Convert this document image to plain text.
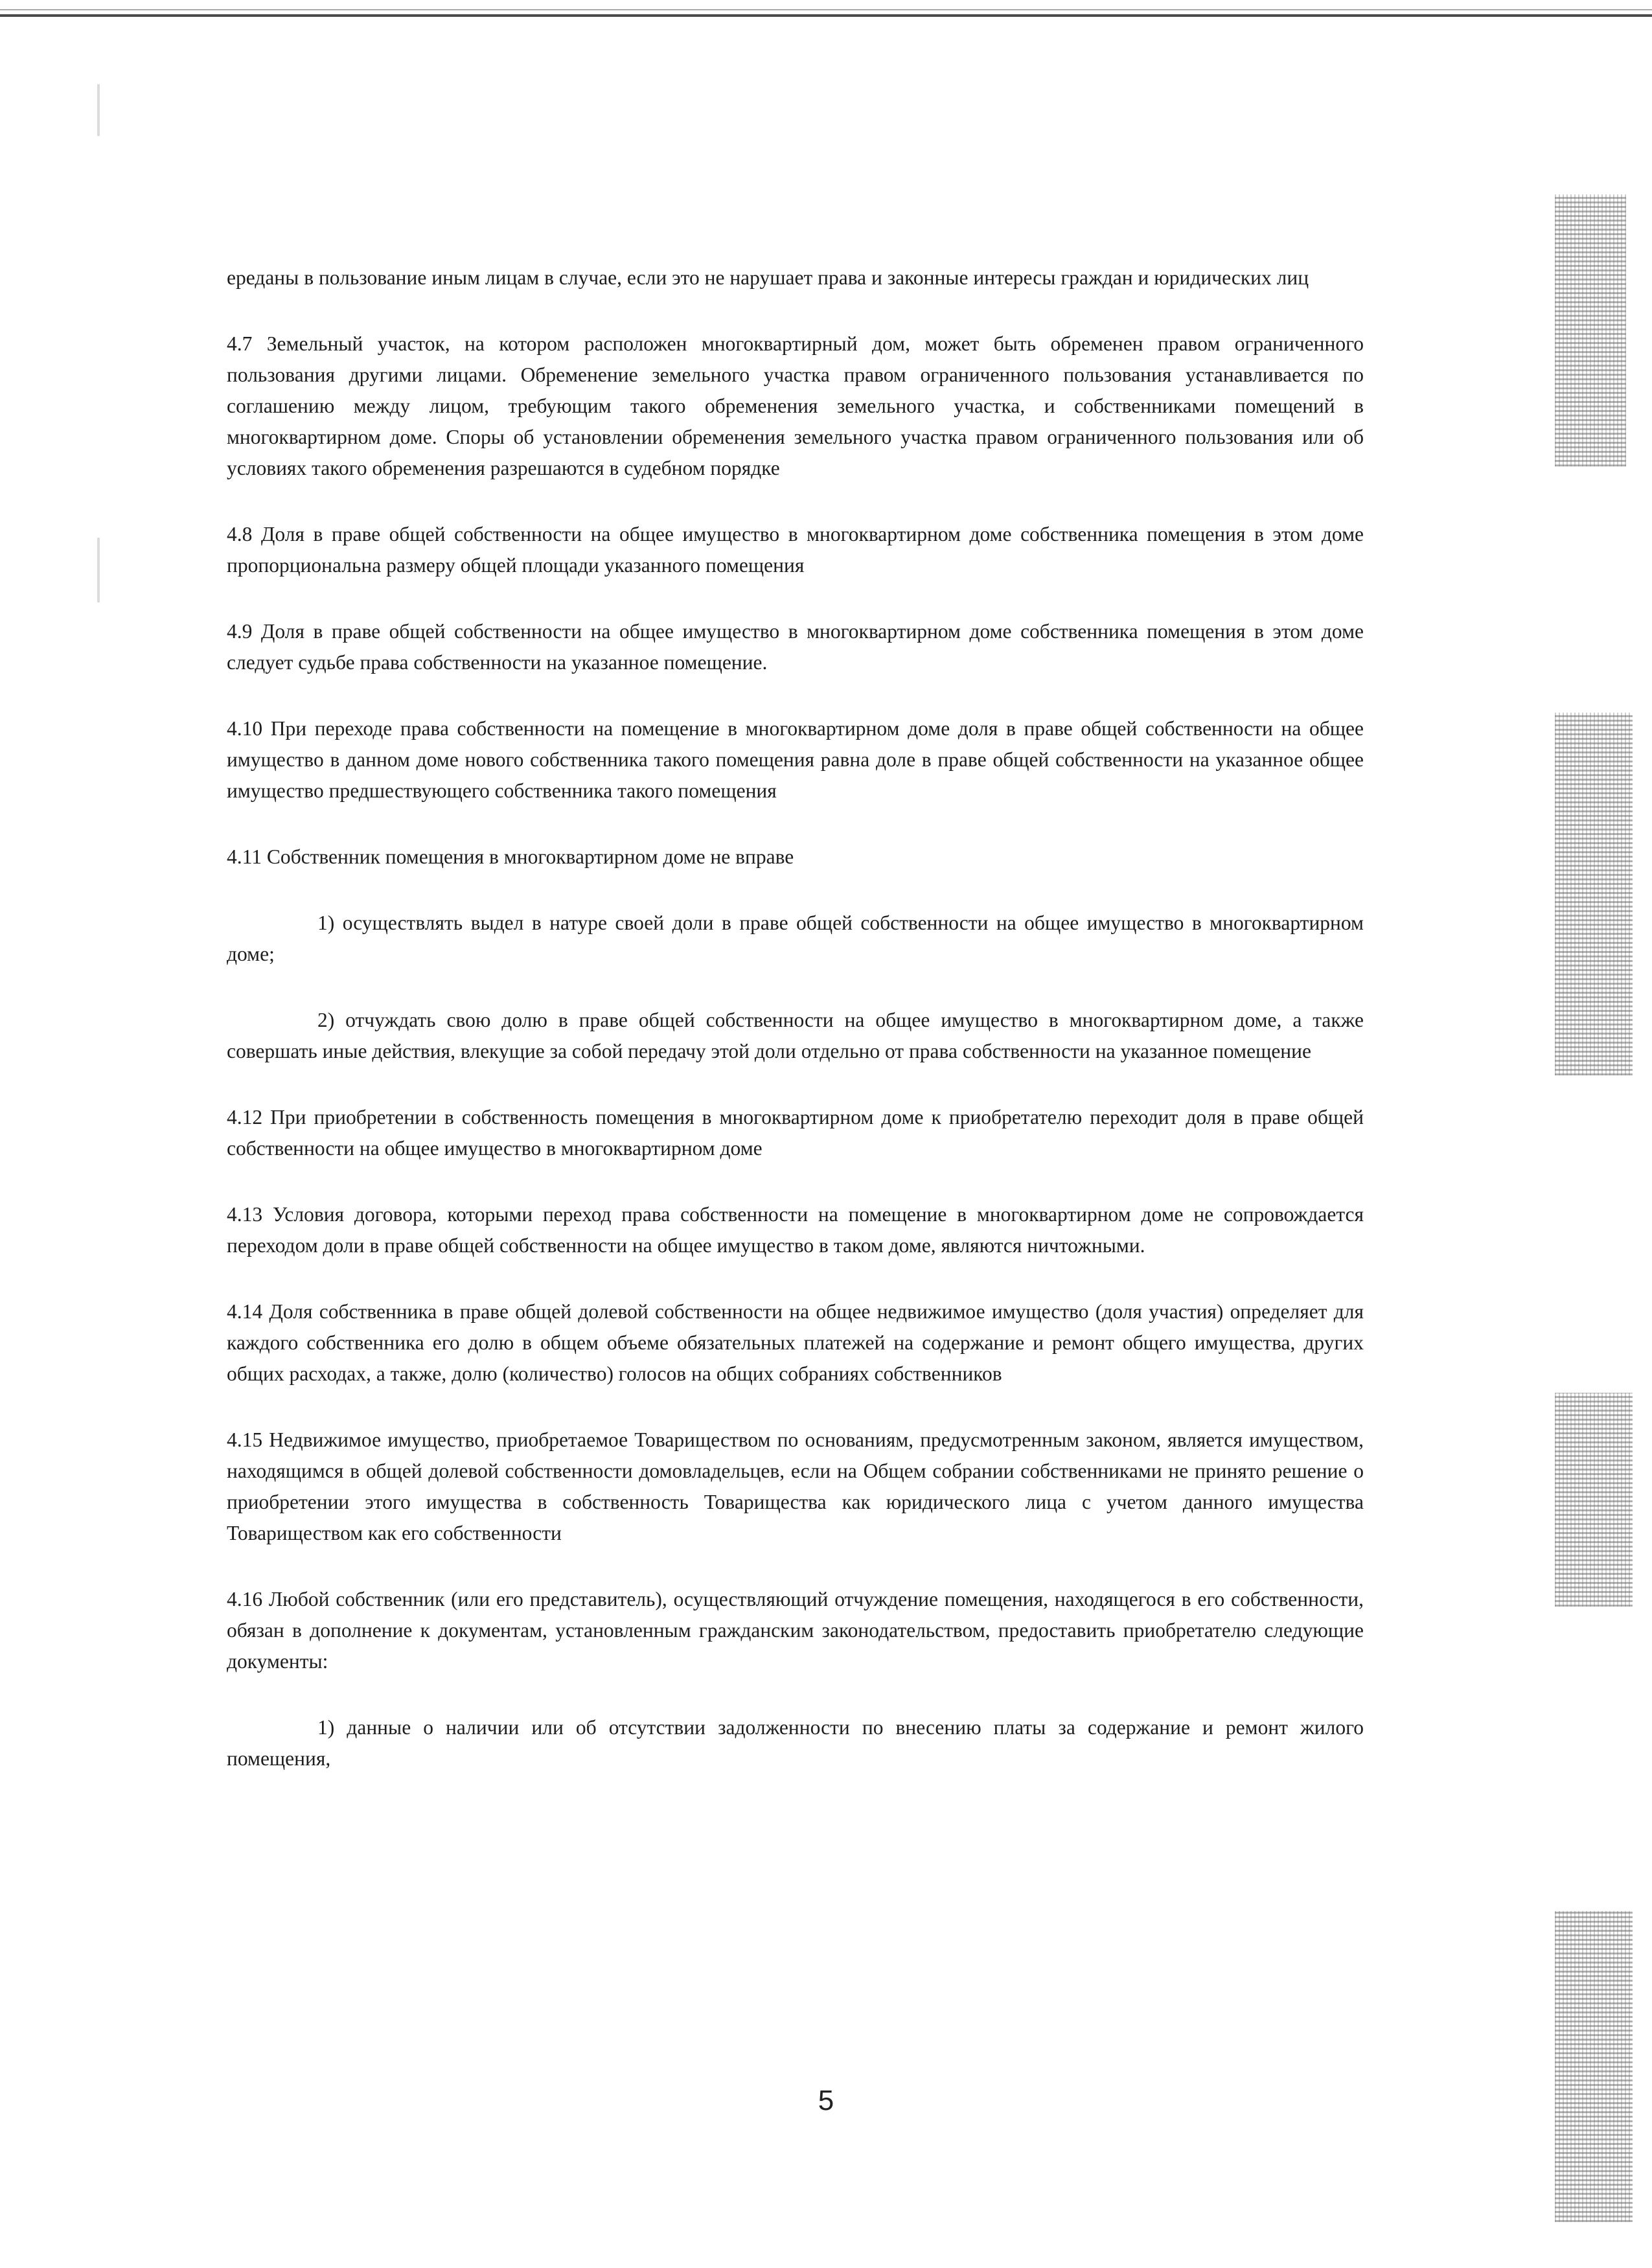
ереданы в пользование иным лицам в случае, если это не нарушает права и законные интересы граждан и юридических лиц

4.7 Земельный участок, на котором расположен многоквартирный дом, может быть обременен правом ограниченного пользования другими лицами. Обременение земельного участка правом ограниченного пользования устанавливается по соглашению между лицом, требующим такого обременения земельного участка, и собственниками помещений в многоквартирном доме. Споры об установлении обременения земельного участка правом ограниченного пользования или об условиях такого обременения разрешаются в судебном порядке

4.8 Доля в праве общей собственности на общее имущество в многоквартирном доме собственника помещения в этом доме пропорциональна размеру общей площади указанного помещения

4.9 Доля в праве общей собственности на общее имущество в многоквартирном доме собственника помещения в этом доме следует судьбе права собственности на указанное помещение.

4.10 При переходе права собственности на помещение в многоквартирном доме доля в праве общей собственности на общее имущество в данном доме нового собственника такого помещения равна доле в праве общей собственности на указанное общее имущество предшествующего собственника такого помещения

4.11 Собственник помещения в многоквартирном доме не вправе

1) осуществлять выдел в натуре своей доли в праве общей собственности на общее имущество в многоквартирном доме;

2) отчуждать свою долю в праве общей собственности на общее имущество в многоквартирном доме, а также совершать иные действия, влекущие за собой передачу этой доли отдельно от права собственности на указанное помещение

4.12 При приобретении в собственность помещения в многоквартирном доме к приобретателю переходит доля в праве общей собственности на общее имущество в многоквартирном доме

4.13 Условия договора, которыми переход права собственности на помещение в многоквартирном доме не сопровождается переходом доли в праве общей собственности на общее имущество в таком доме, являются ничтожными.

4.14 Доля собственника в праве общей долевой собственности на общее недвижимое имущество (доля участия) определяет для каждого собственника его долю в общем объеме обязательных платежей на содержание и ремонт общего имущества, других общих расходах, а также, долю (количество) голосов на общих собраниях собственников

4.15 Недвижимое имущество, приобретаемое Товариществом по основаниям, предусмотренным законом, является имуществом, находящимся в общей долевой собственности домовладельцев, если на Общем собрании собственниками не принято решение о приобретении этого имущества в собственность Товарищества как юридического лица с учетом данного имущества Товариществом как его собственности

4.16 Любой собственник (или его представитель), осуществляющий отчуждение помещения, находящегося в его собственности, обязан в дополнение к документам, установленным гражданским законодательством, предоставить приобретателю следующие документы:

1) данные о наличии или об отсутствии задолженности по внесению платы за содержание и ремонт жилого помещения,

5
